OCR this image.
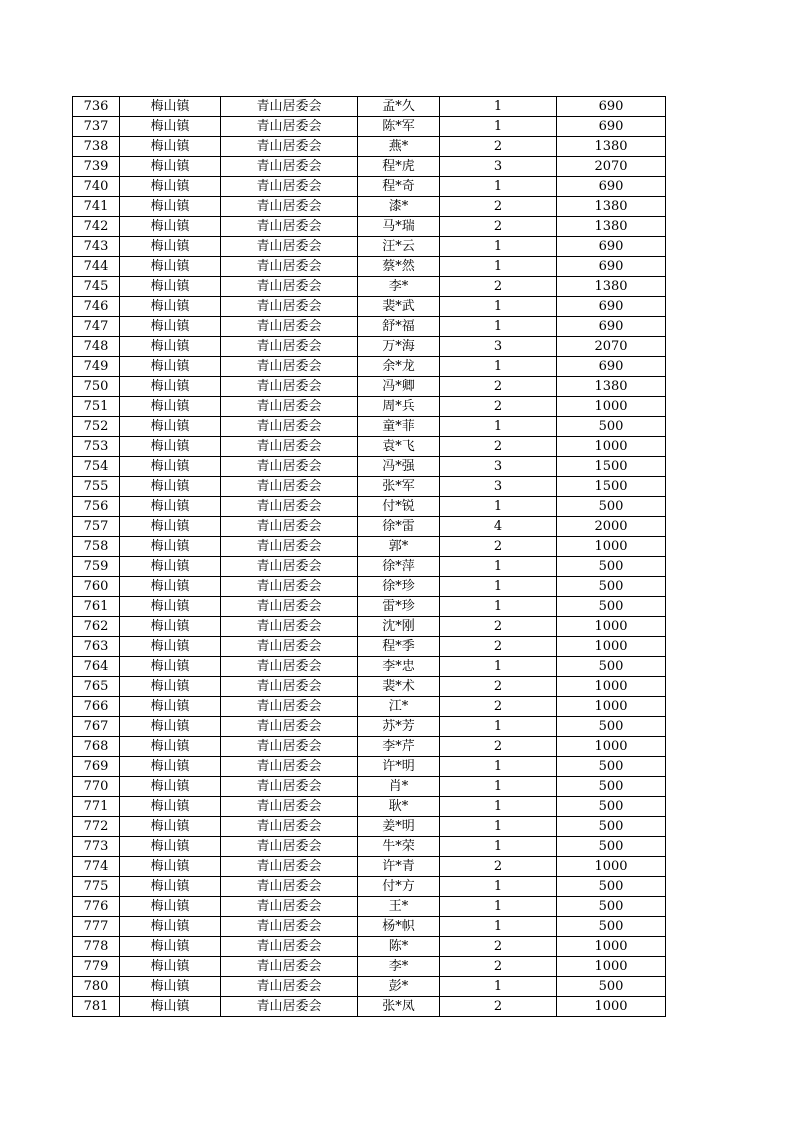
736	梅山镇	青山居委会	孟*久	1	690
737	梅山镇	青山居委会	陈*军	1	690
738	梅山镇	青山居委会	燕*	2	1380
739	梅山镇	青山居委会	程*虎	3	2070
740	梅山镇	青山居委会	程*奇	1	690
741	梅山镇	青山居委会	漆*	2	1380
742	梅山镇	青山居委会	马*瑞	2	1380
743	梅山镇	青山居委会	汪*云	1	690
744	梅山镇	青山居委会	蔡*然	1	690
745	梅山镇	青山居委会	李*	2	1380
746	梅山镇	青山居委会	裴*武	1	690
747	梅山镇	青山居委会	舒*福	1	690
748	梅山镇	青山居委会	万*海	3	2070
749	梅山镇	青山居委会	余*龙	1	690
750	梅山镇	青山居委会	冯*卿	2	1380
751	梅山镇	青山居委会	周*兵	2	1000
752	梅山镇	青山居委会	童*菲	1	500
753	梅山镇	青山居委会	袁*飞	2	1000
754	梅山镇	青山居委会	冯*强	3	1500
755	梅山镇	青山居委会	张*军	3	1500
756	梅山镇	青山居委会	付*锐	1	500
757	梅山镇	青山居委会	徐*雷	4	2000
758	梅山镇	青山居委会	郭*	2	1000
759	梅山镇	青山居委会	徐*萍	1	500
760	梅山镇	青山居委会	徐*珍	1	500
761	梅山镇	青山居委会	雷*珍	1	500
762	梅山镇	青山居委会	沈*刚	2	1000
763	梅山镇	青山居委会	程*季	2	1000
764	梅山镇	青山居委会	李*忠	1	500
765	梅山镇	青山居委会	裴*术	2	1000
766	梅山镇	青山居委会	江*	2	1000
767	梅山镇	青山居委会	苏*芳	1	500
768	梅山镇	青山居委会	李*芹	2	1000
769	梅山镇	青山居委会	许*明	1	500
770	梅山镇	青山居委会	肖*	1	500
771	梅山镇	青山居委会	耿*	1	500
772	梅山镇	青山居委会	姜*明	1	500
773	梅山镇	青山居委会	牛*荣	1	500
774	梅山镇	青山居委会	许*青	2	1000
775	梅山镇	青山居委会	付*方	1	500
776	梅山镇	青山居委会	王*	1	500
777	梅山镇	青山居委会	杨*帜	1	500
778	梅山镇	青山居委会	陈*	2	1000
779	梅山镇	青山居委会	李*	2	1000
780	梅山镇	青山居委会	彭*	1	500
781	梅山镇	青山居委会	张*凤	2	1000
